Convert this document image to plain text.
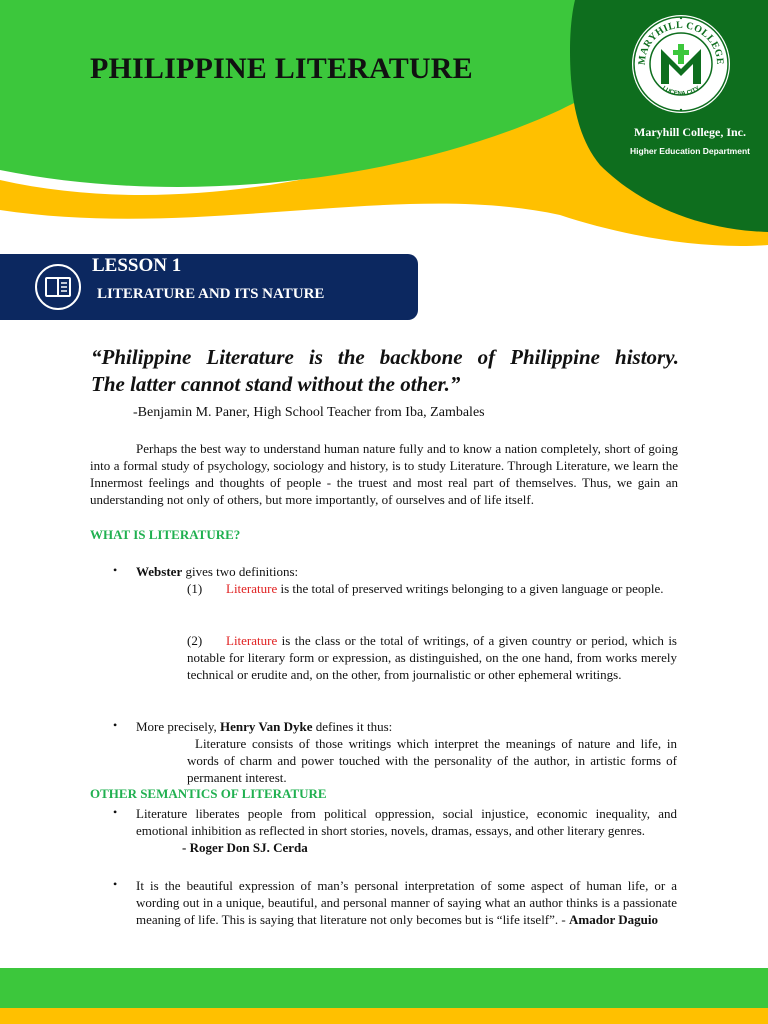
PHILIPPINE LITERATURE	MARYHILL COLLEGE
LUCENA CITY
Maryhill College, Inc.
Higher Education Department
LESSON 1
LITERATURE AND ITS NATURE
“Philippine Literature is the backbone of Philippine history.
The latter cannot stand without the other.”
-Benjamin M. Paner, High School Teacher from Iba, Zambales
Perhaps the best way to understand human nature fully and to know a nation completely, short of going into a formal study of psychology, sociology and history, is to study Literature. Through Literature, we learn the Innermost feelings and thoughts of people - the truest and most real part of themselves. Thus, we gain an understanding not only of others, but more importantly, of ourselves and of life itself.
WHAT IS LITERATURE?
• Webster gives two definitions:
(1)	Literature is the total of preserved writings belonging to a given language or people.
(2)	Literature is the class or the total of writings, of a given country or period, which is notable for literary form or expression, as distinguished, on the one hand, from works merely technical or erudite and, on the other, from journalistic or other ephemeral writings.
• More precisely, Henry Van Dyke defines it thus:
Literature consists of those writings which interpret the meanings of nature and life, in words of charm and power touched with the personality of the author, in artistic forms of permanent interest.
OTHER SEMANTICS OF LITERATURE
• Literature liberates people from political oppression, social injustice, economic inequality, and emotional inhibition as reflected in short stories, novels, dramas, essays, and other literary genres.
- Roger Don SJ. Cerda
• It is the beautiful expression of man’s personal interpretation of some aspect of human life, or a wording out in a unique, beautiful, and personal manner of saying what an author thinks is a passionate meaning of life. This is saying that literature not only becomes but is “life itself”. - Amador Daguio
